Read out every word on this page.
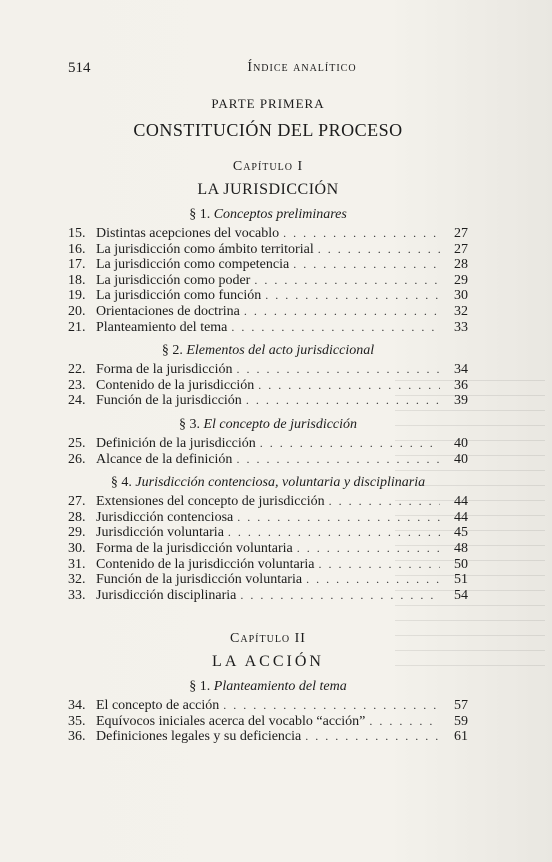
514	Índice analítico
PARTE PRIMERA
CONSTITUCIÓN DEL PROCESO
Capítulo I
LA JURISDICCIÓN
§ 1. Conceptos preliminares
15. Distintas acepciones del vocablo . . .	27
16. La jurisdicción como ámbito territorial . . .	27
17. La jurisdicción como competencia . . .	28
18. La jurisdicción como poder . . .	29
19. La jurisdicción como función . . .	30
20. Orientaciones de doctrina . . .	32
21. Planteamiento del tema . . .	33
§ 2. Elementos del acto jurisdiccional
22. Forma de la jurisdicción . . .	34
23. Contenido de la jurisdicción . . .	36
24. Función de la jurisdicción . . .	39
§ 3. El concepto de jurisdicción
25. Definición de la jurisdicción . . .	40
26. Alcance de la definición . . .	40
§ 4. Jurisdicción contenciosa, voluntaria y disciplinaria
27. Extensiones del concepto de jurisdicción . . .	44
28. Jurisdicción contenciosa . . .	44
29. Jurisdicción voluntaria . . .	45
30. Forma de la jurisdicción voluntaria . . .	48
31. Contenido de la jurisdicción voluntaria . . .	50
32. Función de la jurisdicción voluntaria . . .	51
33. Jurisdicción disciplinaria . . .	54
Capítulo II
LA ACCIÓN
§ 1. Planteamiento del tema
34. El concepto de acción . . .	57
35. Equívocos iniciales acerca del vocablo “acción” . . .	59
36. Definiciones legales y su deficiencia . . .	61
